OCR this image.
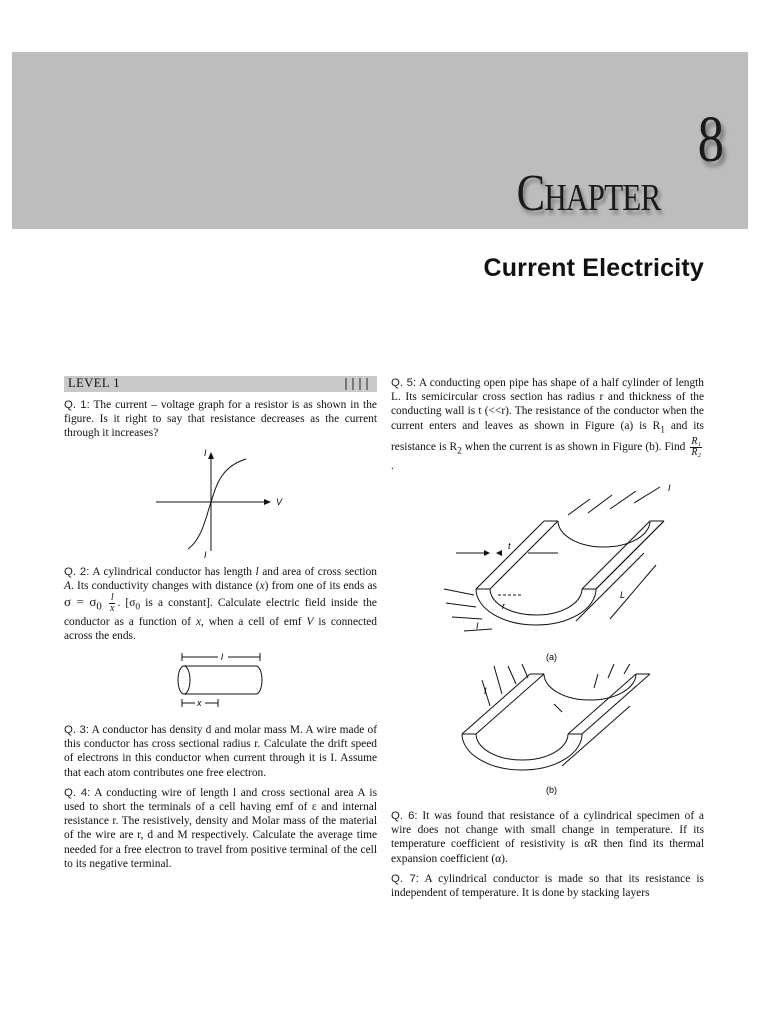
CHAPTER
8
Current Electricity
LEVEL 1

Q. 1: The current – voltage graph for a resistor is as shown in the figure. Is it right to say that resistance decreases as the current through it increases?

I
V
I

Q. 2: A cylindrical conductor has length l and area of cross section A. Its conductivity changes with distance (x) from one of its ends as $\sigma = \sigma_0 \frac{l}{x}$ . [$\sigma_0$ is a constant]. Calculate electric field inside the conductor as a function of x, when a cell of emf V is connected across the ends.

l
x

Q. 3: A conductor has density d and molar mass M. A wire made of this conductor has cross sectional radius r. Calculate the drift speed of electrons in this conductor when current through it is I. Assume that each atom contributes one free electron.

Q. 4: A conducting wire of length l and cross sectional area A is used to short the terminals of a cell having emf of ε and internal resistance r. The resistively, density and Molar mass of the material of the wire are r, d and M respectively. Calculate the average time needed for a free electron to travel from positive terminal of the cell to its negative terminal.

Q. 5: A conducting open pipe has shape of a half cylinder of length L. Its semicircular cross section has radius r and thickness of the conducting wall is t (<<r). The resistance of the conductor when the current enters and leaves as shown in Figure (a) is $R_1$ and its resistance is $R_2$ when the current is as shown in Figure (b). Find $\frac{\text{R₁}}{\text{R₂}}$
.

t
r
L
I
I
(a)
I
(b)

Q. 6: It was found that resistance of a cylindrical specimen of a wire does not change with small change in temperature. If its temperature coefficient of resistivity is αR then find its thermal expansion coefficient (α).

Q. 7: A cylindrical conductor is made so that its resistance is independent of temperature. It is done by stacking layers
